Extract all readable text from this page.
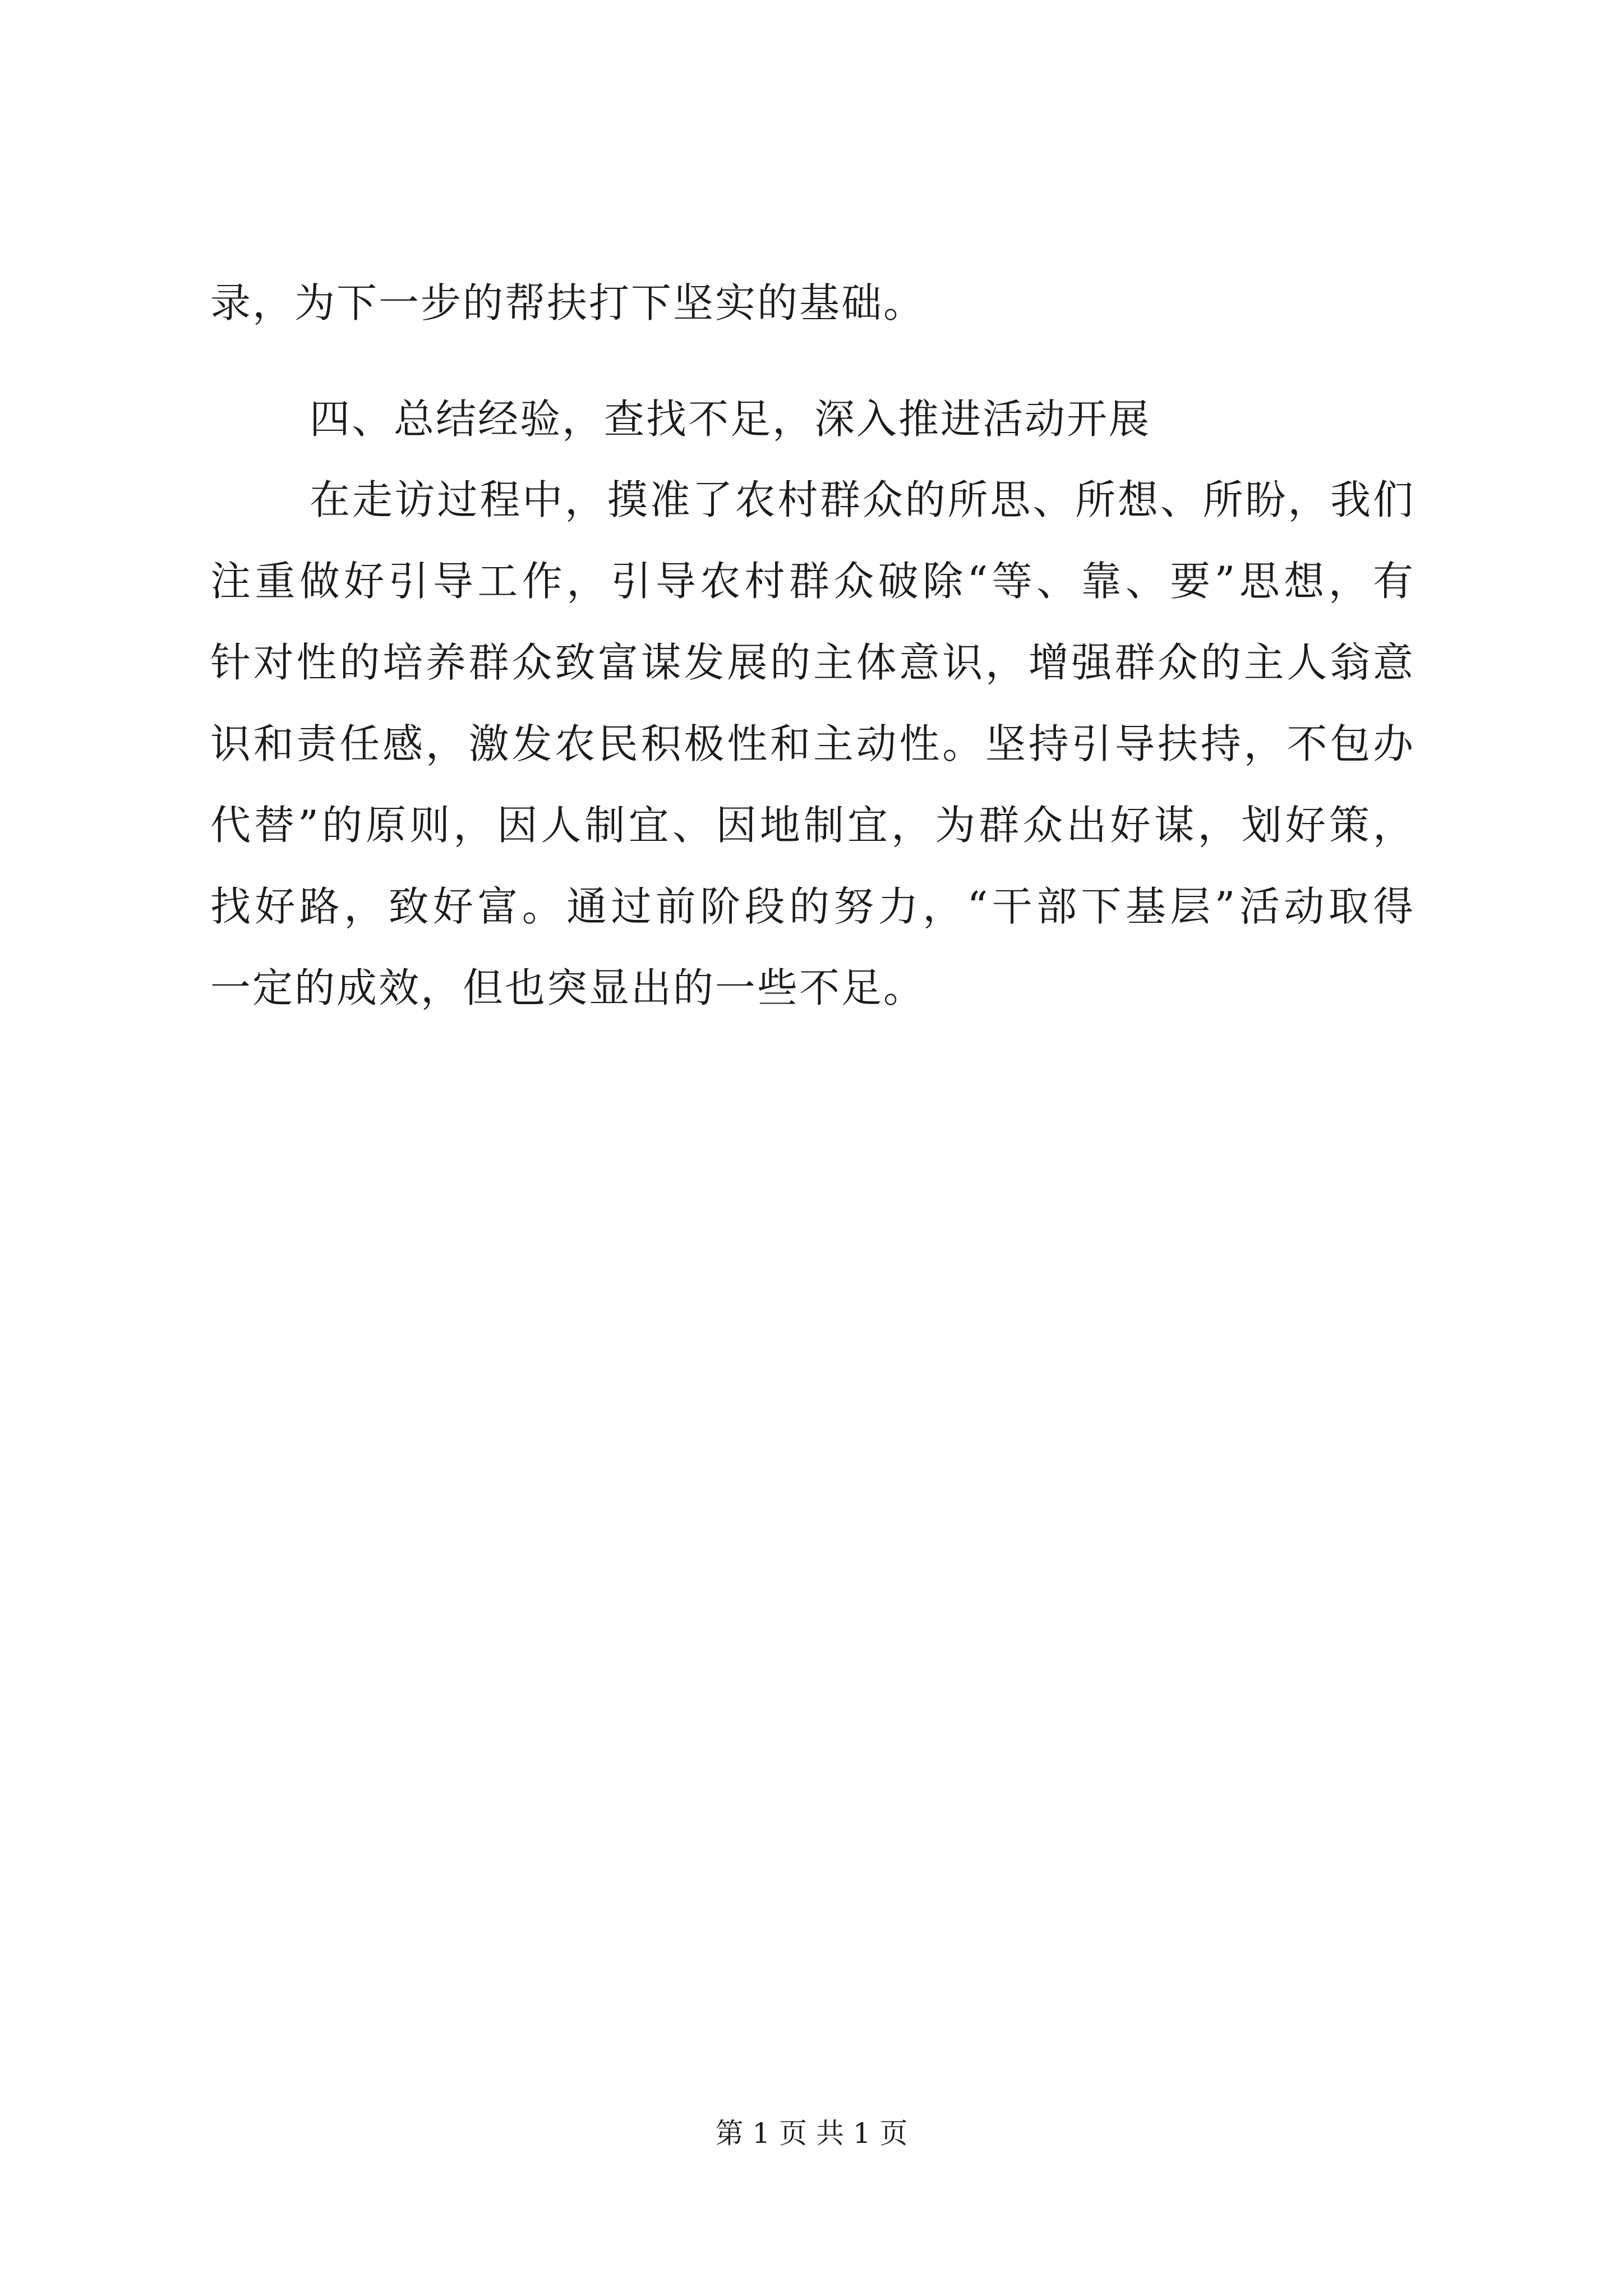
录，为下一步的帮扶打下坚实的基础。
四、总结经验，查找不足，深入推进活动开展
在走访过程中，摸准了农村群众的所思、所想、所盼，我们
注重做好引导工作，引导农村群众破除“等、靠、要”思想，有
针对性的培养群众致富谋发展的主体意识，增强群众的主人翁意
识和责任感，激发农民积极性和主动性。坚持引导扶持，不包办
代替”的原则，因人制宜、因地制宜，为群众出好谋，划好策，
找好路，致好富。通过前阶段的努力，“干部下基层”活动取得
一定的成效，但也突显出的一些不足。
第 1 页 共 1 页
